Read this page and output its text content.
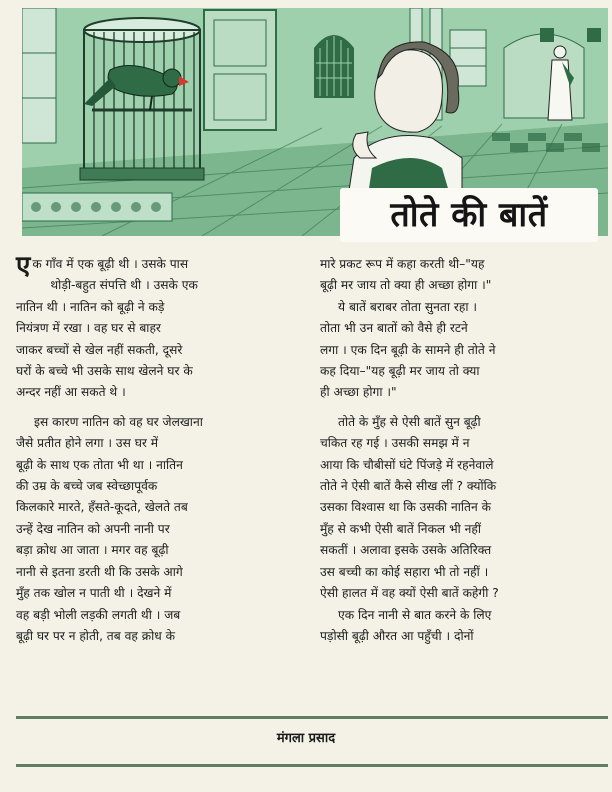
तोते की बातें
ए क गाँव में एक बूढ़ी थी । उसके पास
थोड़ी-बहुत संपत्ति थी । उसके एक
नातिन थी । नातिन को बूढ़ी ने कड़े
नियंत्रण में रखा । वह घर से बाहर
जाकर बच्चों से खेल नहीं सकती, दूसरे
घरों के बच्चे भी उसके साथ खेलने घर के
अन्दर नहीं आ सकते थे ।
इस कारण नातिन को वह घर जेलखाना
जैसे प्रतीत होने लगा । उस घर में
बूढ़ी के साथ एक तोता भी था । नातिन
की उम्र के बच्चे जब स्वेच्छापूर्वक
किलकारे मारते, हँसते-कूदते, खेलते तब
उन्हें देख नातिन को अपनी नानी पर
बड़ा क्रोध आ जाता । मगर वह बूढ़ी
नानी से इतना डरती थी कि उसके आगे
मुँह तक खोल न पाती थी । देखने में
वह बड़ी भोली लड़की लगती थी । जब
बूढ़ी घर पर न होती, तब वह क्रोध के
मारे प्रकट रूप में कहा करती थी–"यह
बूढ़ी मर जाय तो क्या ही अच्छा होगा ।"
ये बातें बराबर तोता सुनता रहा ।
तोता भी उन बातों को वैसे ही रटने
लगा । एक दिन बूढ़ी के सामने ही तोते ने
कह दिया–"यह बूढ़ी मर जाय तो क्या
ही अच्छा होगा ।"
तोते के मुँह से ऐसी बातें सुन बूढ़ी
चकित रह गई । उसकी समझ में न
आया कि चौबीसों घंटे पिंजड़े में रहनेवाले
तोते ने ऐसी बातें कैसे सीख लीं ? क्योंकि
उसका विश्वास था कि उसकी नातिन के
मुँह से कभी ऐसी बातें निकल भी नहीं
सकतीं । अलावा इसके उसके अतिरिक्त
उस बच्ची का कोई सहारा भी तो नहीं ।
ऐसी हालत में वह क्यों ऐसी बातें कहेगी ?
एक दिन नानी से बात करने के लिए
पड़ोसी बूढ़ी औरत आ पहुँची । दोनों
मंगला प्रसाद
